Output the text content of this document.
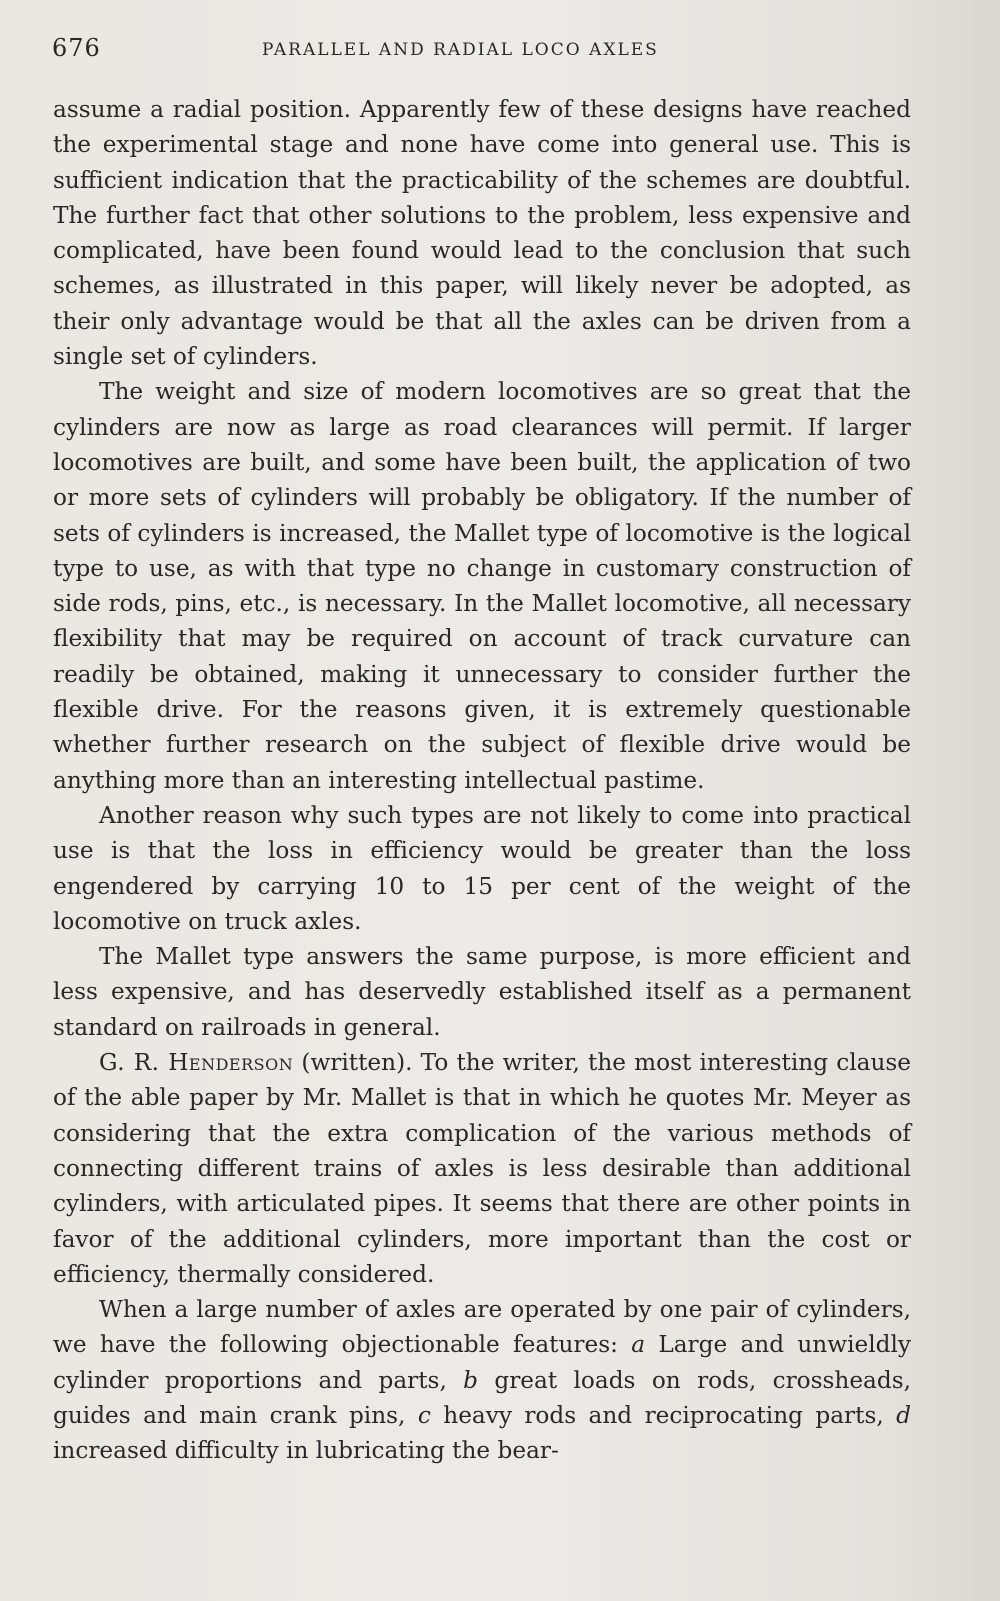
676	PARALLEL AND RADIAL LOCO AXLES

assume a radial position. Apparently few of these designs have reached the experimental stage and none have come into general use. This is sufficient indication that the practicability of the schemes are doubtful. The further fact that other solutions to the problem, less expensive and complicated, have been found would lead to the conclusion that such schemes, as illustrated in this paper, will likely never be adopted, as their only advantage would be that all the axles can be driven from a single set of cylinders.

The weight and size of modern locomotives are so great that the cylinders are now as large as road clearances will permit. If larger locomotives are built, and some have been built, the application of two or more sets of cylinders will probably be obligatory. If the number of sets of cylinders is increased, the Mallet type of locomotive is the logical type to use, as with that type no change in customary construction of side rods, pins, etc., is necessary. In the Mallet locomotive, all necessary flexibility that may be required on account of track curvature can readily be obtained, making it unnecessary to consider further the flexible drive. For the reasons given, it is extremely questionable whether further research on the subject of flexible drive would be anything more than an interesting intellectual pastime.

Another reason why such types are not likely to come into practical use is that the loss in efficiency would be greater than the loss engendered by carrying 10 to 15 per cent of the weight of the locomotive on truck axles.

The Mallet type answers the same purpose, is more efficient and less expensive, and has deservedly established itself as a permanent standard on railroads in general.

G. R. Henderson (written). To the writer, the most interesting clause of the able paper by Mr. Mallet is that in which he quotes Mr. Meyer as considering that the extra complication of the various methods of connecting different trains of axles is less desirable than additional cylinders, with articulated pipes. It seems that there are other points in favor of the additional cylinders, more important than the cost or efficiency, thermally considered.

When a large number of axles are operated by one pair of cylinders, we have the following objectionable features: a Large and unwieldly cylinder proportions and parts, b great loads on rods, crossheads, guides and main crank pins, c heavy rods and reciprocating parts, d increased difficulty in lubricating the bear-
